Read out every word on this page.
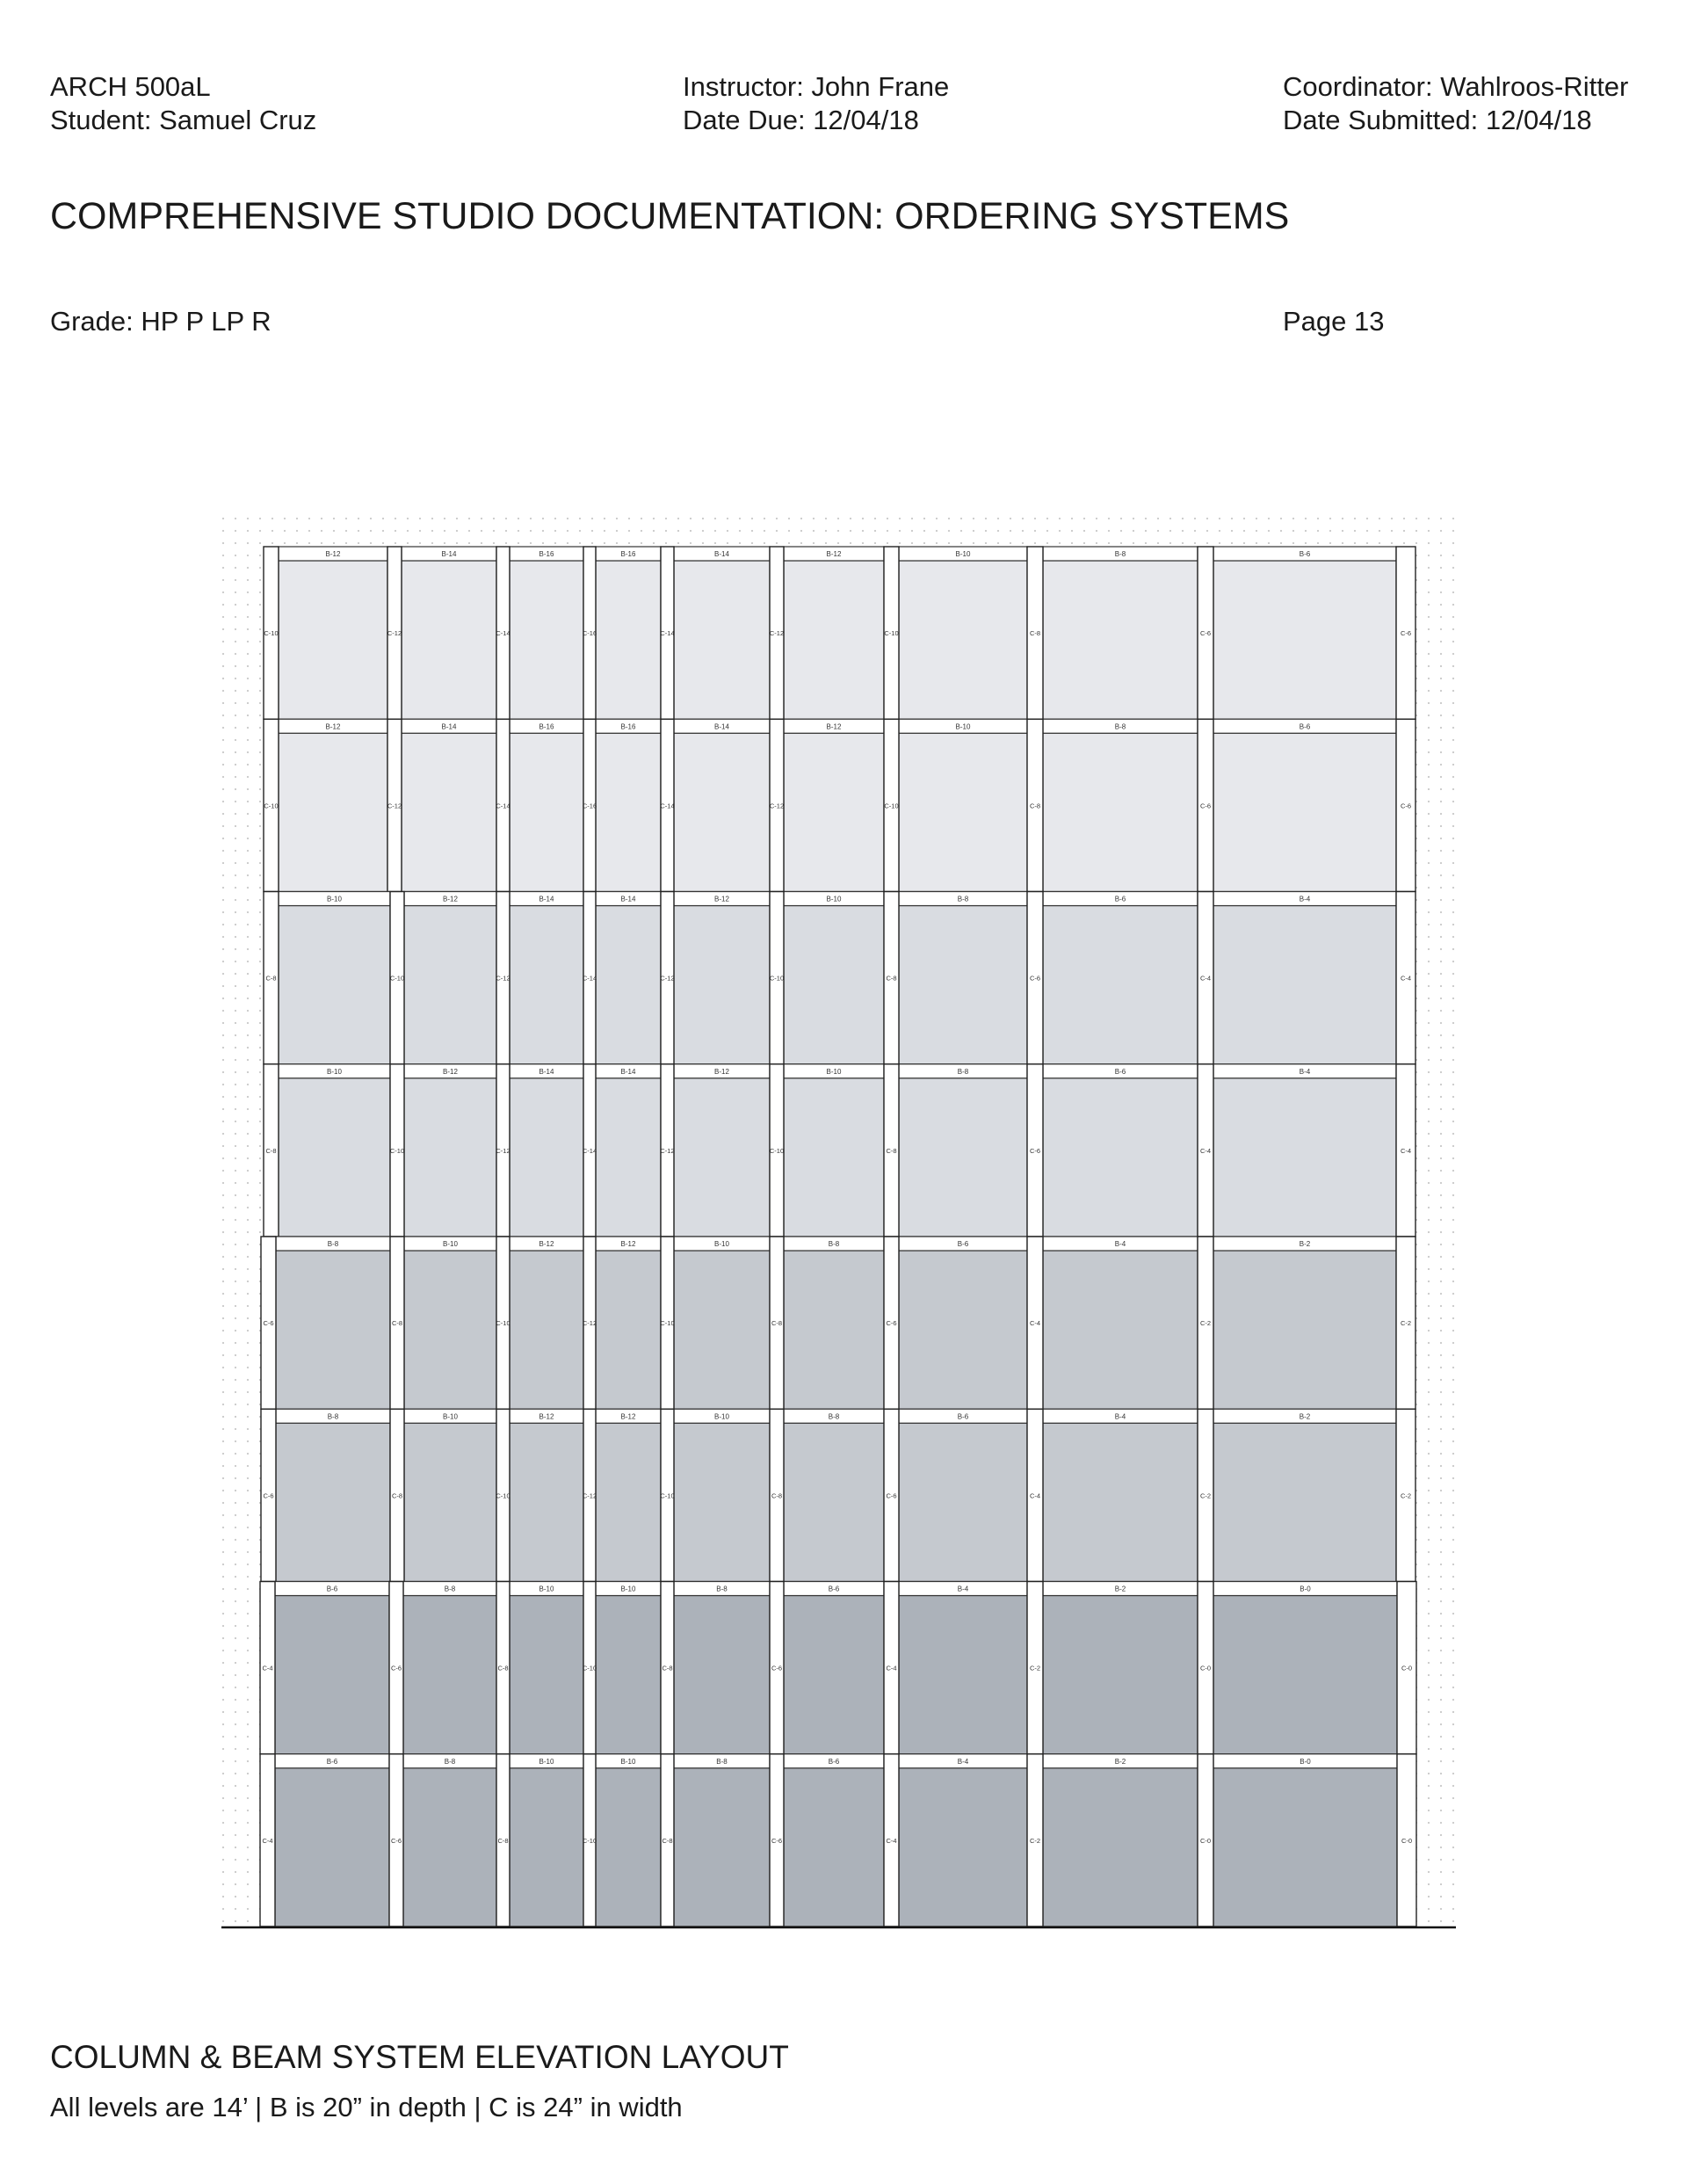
ARCH 500aL
Student: Samuel Cruz
Instructor: John Frane
Date Due: 12/04/18
Coordinator: Wahlroos-Ritter
Date Submitted: 12/04/18
COMPREHENSIVE STUDIO DOCUMENTATION: ORDERING SYSTEMS
Grade: HP P LP R	Page 13
B-12	B-14	B-16	B-16	B-14	B-12	B-10	B-8	B-6
C-10	C-12	C-14	C-16	C-14	C-12	C-10	C-8	C-6	C-6
B-12	B-14	B-16	B-16	B-14	B-12	B-10	B-8	B-6
C-10	C-12	C-14	C-16	C-14	C-12	C-10	C-8	C-6	C-6
B-10	B-12	B-14	B-14	B-12	B-10	B-8	B-6	B-4
C-8	C-10	C-12	C-14	C-12	C-10	C-8	C-6	C-4	C-4
B-10	B-12	B-14	B-14	B-12	B-10	B-8	B-6	B-4
C-8	C-10	C-12	C-14	C-12	C-10	C-8	C-6	C-4	C-4
B-8	B-10	B-12	B-12	B-10	B-8	B-6	B-4	B-2
C-6	C-8	C-10	C-12	C-10	C-8	C-6	C-4	C-2	C-2
B-8	B-10	B-12	B-12	B-10	B-8	B-6	B-4	B-2
C-6	C-8	C-10	C-12	C-10	C-8	C-6	C-4	C-2	C-2
B-6	B-8	B-10	B-10	B-8	B-6	B-4	B-2	B-0
C-4	C-6	C-8	C-10	C-8	C-6	C-4	C-2	C-0	C-0
B-6	B-8	B-10	B-10	B-8	B-6	B-4	B-2	B-0
C-4	C-6	C-8	C-10	C-8	C-6	C-4	C-2	C-0	C-0
COLUMN & BEAM SYSTEM ELEVATION LAYOUT
All levels are 14’ | B is 20” in depth | C is 24” in width
